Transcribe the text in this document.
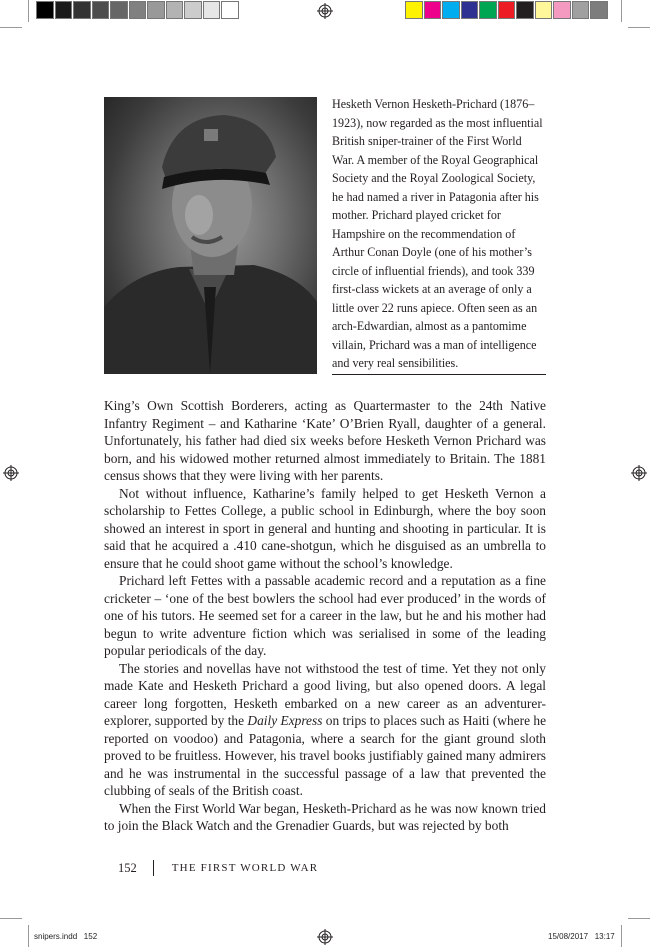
Hesketh Vernon Hesketh-Prichard (1876–1923), now regarded as the most influential British sniper-trainer of the First World War. A member of the Royal Geographical Society and the Royal Zoological Society, he had named a river in Patagonia after his mother. Prichard played cricket for Hampshire on the recommendation of Arthur Conan Doyle (one of his mother’s circle of influential friends), and took 339 first-class wickets at an average of only a little over 22 runs apiece. Often seen as an arch-Edwardian, almost as a pantomime villain, Prichard was a man of intelligence and very real sensibilities.

King’s Own Scottish Borderers, acting as Quartermaster to the 24th Native Infantry Regiment – and Katharine ‘Kate’ O’Brien Ryall, daughter of a general. Unfortunately, his father had died six weeks before Hesketh Vernon Prichard was born, and his widowed mother returned almost immediately to Britain. The 1881 census shows that they were living with her parents.

Not without influence, Katharine’s family helped to get Hesketh Vernon a scholarship to Fettes College, a public school in Edinburgh, where the boy soon showed an interest in sport in general and hunting and shooting in particular. It is said that he acquired a .410 cane-shotgun, which he disguised as an umbrella to ensure that he could shoot game without the school’s knowledge.

Prichard left Fettes with a passable academic record and a reputation as a fine cricketer – ‘one of the best bowlers the school had ever produced’ in the words of one of his tutors. He seemed set for a career in the law, but he and his mother had begun to write adventure fiction which was serialised in some of the leading popular periodicals of the day.

The stories and novellas have not withstood the test of time. Yet they not only made Kate and Hesketh Prichard a good living, but also opened doors. A legal career long forgotten, Hesketh embarked on a new career as an adventurer-explorer, supported by the Daily Express on trips to places such as Haiti (where he reported on voodoo) and Patagonia, where a search for the giant ground sloth proved to be fruitless. However, his travel books justifiably gained many admirers and he was instrumental in the successful passage of a law that prevented the clubbing of seals of the British coast.

When the First World War began, Hesketh-Prichard as he was now known tried to join the Black Watch and the Grenadier Guards, but was rejected by both

152	THE FIRST WORLD WAR
snipers.indd   152	15/08/2017   13:17
